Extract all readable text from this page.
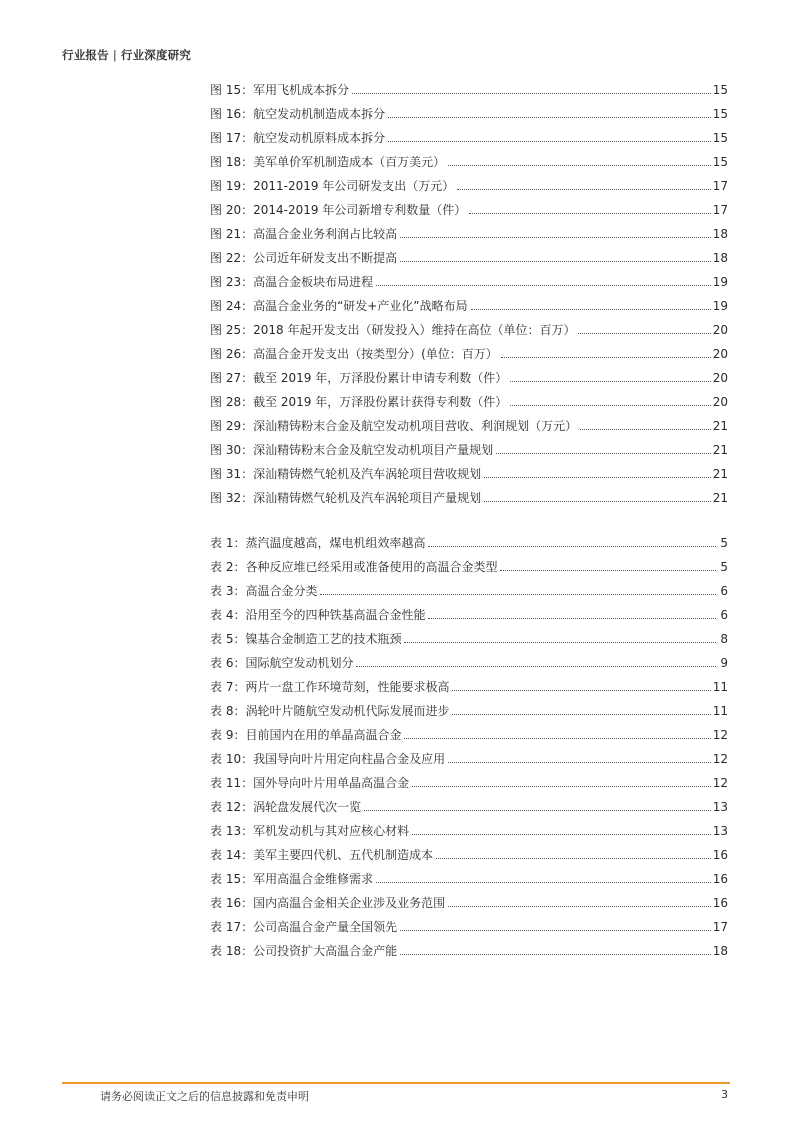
行业报告 | 行业深度研究
图 15：军用飞机成本拆分	15
图 16：航空发动机制造成本拆分	15
图 17：航空发动机原料成本拆分	15
图 18：美军单价军机制造成本（百万美元）	15
图 19：2011-2019 年公司研发支出（万元）	17
图 20：2014-2019 年公司新增专利数量（件）	17
图 21：高温合金业务利润占比较高	18
图 22：公司近年研发支出不断提高	18
图 23：高温合金板块布局进程	19
图 24：高温合金业务的“研发+产业化”战略布局	19
图 25：2018 年起开发支出（研发投入）维持在高位（单位：百万）	20
图 26：高温合金开发支出（按类型分）(单位：百万）	20
图 27：截至 2019 年，万泽股份累计申请专利数（件）	20
图 28：截至 2019 年，万泽股份累计获得专利数（件）	20
图 29：深汕精铸粉末合金及航空发动机项目营收、利润规划（万元）	21
图 30：深汕精铸粉末合金及航空发动机项目产量规划	21
图 31：深汕精铸燃气轮机及汽车涡轮项目营收规划	21
图 32：深汕精铸燃气轮机及汽车涡轮项目产量规划	21
表 1：蒸汽温度越高，煤电机组效率越高	5
表 2：各种反应堆已经采用或准备使用的高温合金类型	5
表 3：高温合金分类	6
表 4：沿用至今的四种铁基高温合金性能	6
表 5：镍基合金制造工艺的技术瓶颈	8
表 6：国际航空发动机划分	9
表 7：两片一盘工作环境苛刻，性能要求极高	11
表 8：涡轮叶片随航空发动机代际发展而进步	11
表 9：目前国内在用的单晶高温合金	12
表 10：我国导向叶片用定向柱晶合金及应用	12
表 11：国外导向叶片用单晶高温合金	12
表 12：涡轮盘发展代次一览	13
表 13：军机发动机与其对应核心材料	13
表 14：美军主要四代机、五代机制造成本	16
表 15：军用高温合金维修需求	16
表 16：国内高温合金相关企业涉及业务范围	16
表 17：公司高温合金产量全国领先	17
表 18：公司投资扩大高温合金产能	18
请务必阅读正文之后的信息披露和免责申明	3
